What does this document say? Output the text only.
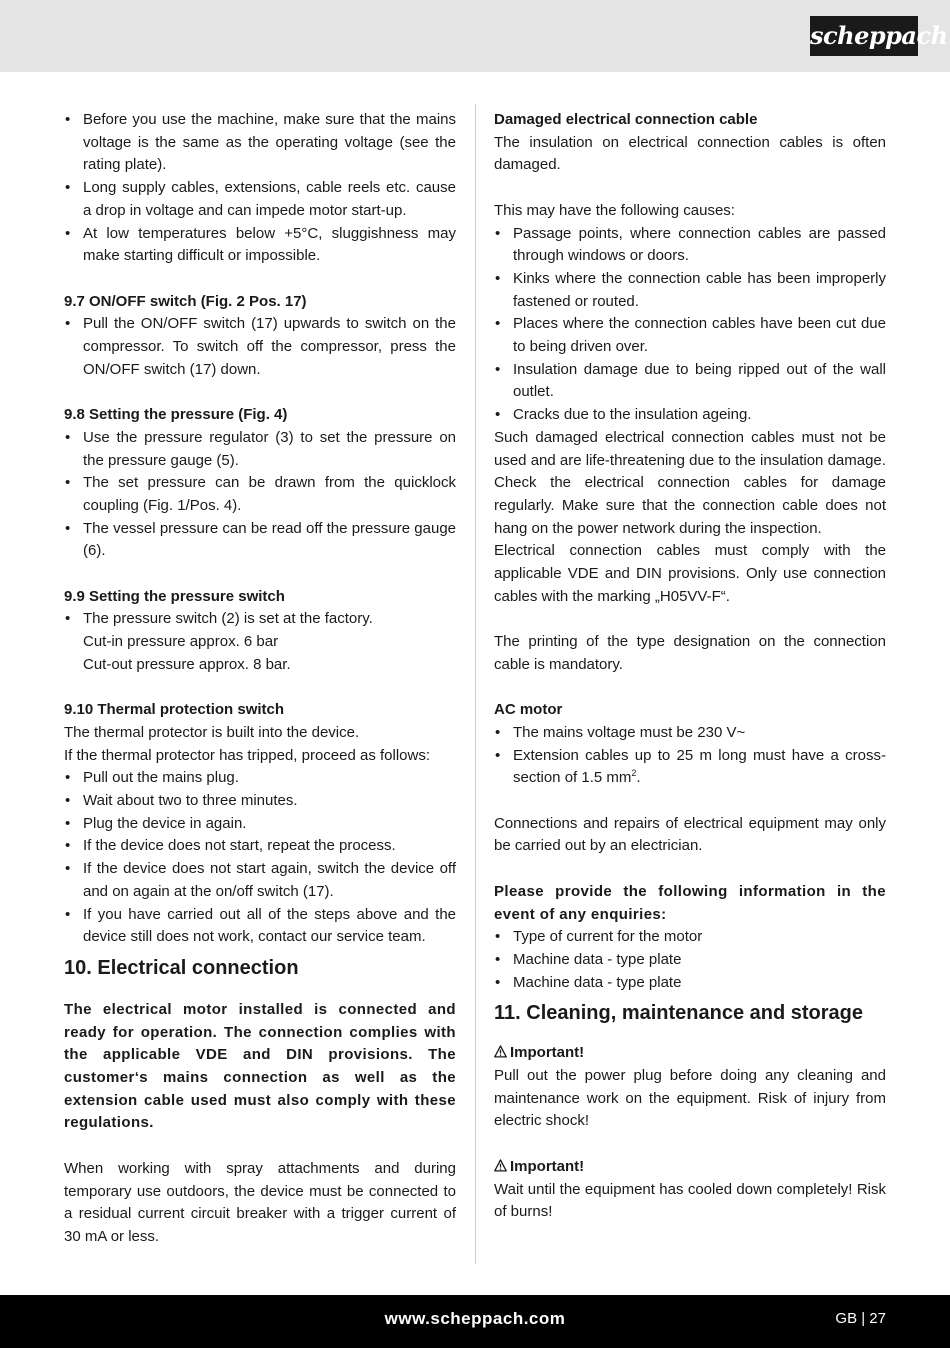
scheppach
• Before you use the machine, make sure that the mains voltage is the same as the operating voltage (see the rating plate).
• Long supply cables, extensions, cable reels etc. cause a drop in voltage and can impede motor start-up.
• At low temperatures below +5°C, sluggishness may make starting difficult or impossible.

9.7 ON/OFF switch (Fig. 2 Pos. 17)

• Pull the ON/OFF switch (17) upwards to switch on the compressor. To switch off the compressor, press the ON/OFF switch (17) down.

9.8 Setting the pressure (Fig. 4)

• Use the pressure regulator (3) to set the pressure on the pressure gauge (5).
• The set pressure can be drawn from the quicklock coupling (Fig. 1/Pos. 4).
• The vessel pressure can be read off the pressure gauge (6).

9.9 Setting the pressure switch

• The pressure switch (2) is set at the factory.
Cut-in pressure approx. 6 bar
Cut-out pressure approx. 8 bar.

9.10 Thermal protection switch

The thermal protector is built into the device.

If the thermal protector has tripped, proceed as follows:

• Pull out the mains plug.
• Wait about two to three minutes.
• Plug the device in again.
• If the device does not start, repeat the process.
• If the device does not start again, switch the device off and on again at the on/off switch (17).
• If you have carried out all of the steps above and the device still does not work, contact our service team.
10. Electrical connection

The electrical motor installed is connected and ready for operation. The connection complies with the applicable VDE and DIN provisions. The customer‘s mains connection as well as the extension cable used must also comply with these regulations.

When working with spray attachments and during temporary use outdoors, the device must be connected to a residual current circuit breaker with a trigger current of 30 mA or less.

Damaged electrical connection cable

The insulation on electrical connection cables is often damaged.

This may have the following causes:

• Passage points, where connection cables are passed through windows or doors.
• Kinks where the connection cable has been improperly fastened or routed.
• Places where the connection cables have been cut due to being driven over.
• Insulation damage due to being ripped out of the wall outlet.
• Cracks due to the insulation ageing.

Such damaged electrical connection cables must not be used and are life-threatening due to the insulation damage.

Check the electrical connection cables for damage regularly. Make sure that the connection cable does not hang on the power network during the inspection.

Electrical connection cables must comply with the applicable VDE and DIN provisions. Only use connection cables with the marking „H05VV-F“.

The printing of the type designation on the connection cable is mandatory.

AC motor

• The mains voltage must be 230 V~
• Extension cables up to 25 m long must have a cross-section of 1.5 $mm^2$.

Connections and repairs of electrical equipment may only be carried out by an electrician.

Please provide the following information in the event of any enquiries:

• Type of current for the motor
• Machine data - type plate
• Machine data - type plate
11. Cleaning, maintenance and storage
Important!

Pull out the power plug before doing any cleaning and maintenance work on the equipment. Risk of injury from electric shock!

Important!

Wait until the equipment has cooled down completely! Risk of burns!

www.scheppach.com	GB | 27
